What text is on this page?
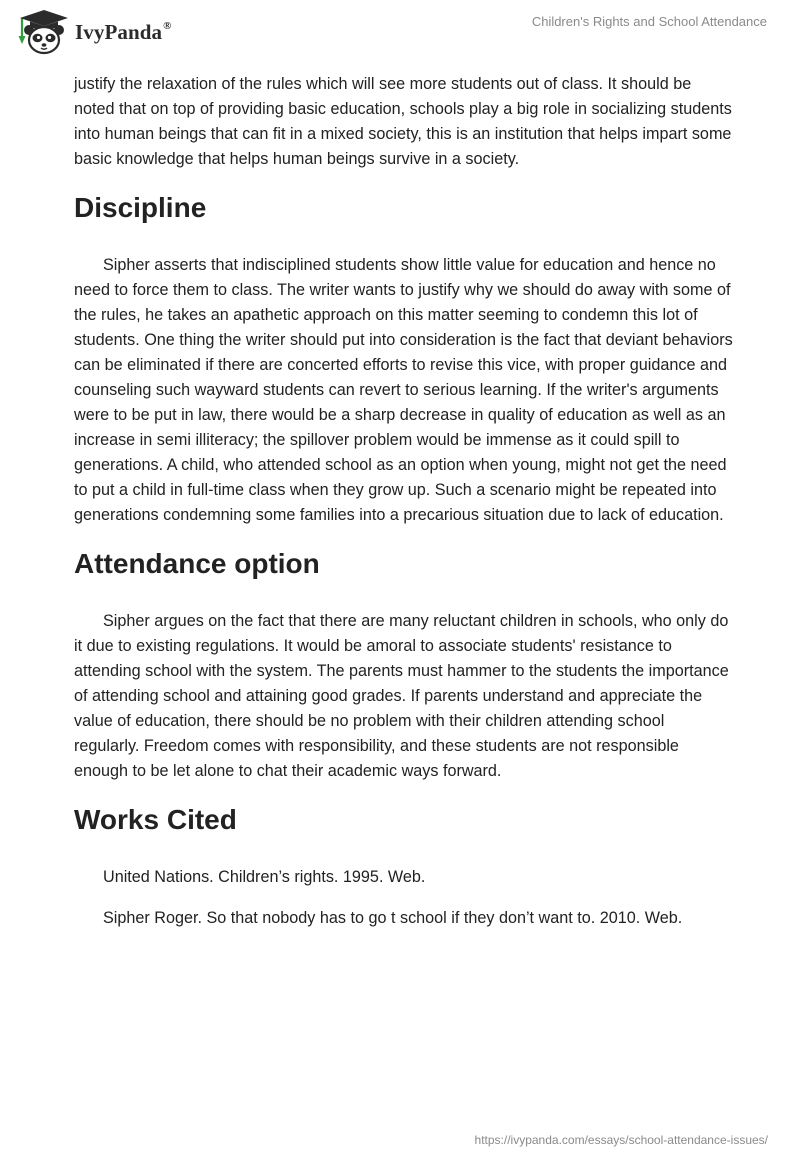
IvyPanda®	Children's Rights and School Attendance

justify the relaxation of the rules which will see more students out of class. It should be noted that on top of providing basic education, schools play a big role in socializing students into human beings that can fit in a mixed society, this is an institution that helps impart some basic knowledge that helps human beings survive in a society.

Discipline

Sipher asserts that indisciplined students show little value for education and hence no need to force them to class. The writer wants to justify why we should do away with some of the rules, he takes an apathetic approach on this matter seeming to condemn this lot of students. One thing the writer should put into consideration is the fact that deviant behaviors can be eliminated if there are concerted efforts to revise this vice, with proper guidance and counseling such wayward students can revert to serious learning. If the writer's arguments were to be put in law, there would be a sharp decrease in quality of education as well as an increase in semi illiteracy; the spillover problem would be immense as it could spill to generations. A child, who attended school as an option when young, might not get the need to put a child in full-time class when they grow up. Such a scenario might be repeated into generations condemning some families into a precarious situation due to lack of education.

Attendance option

Sipher argues on the fact that there are many reluctant children in schools, who only do it due to existing regulations. It would be amoral to associate students' resistance to attending school with the system. The parents must hammer to the students the importance of attending school and attaining good grades. If parents understand and appreciate the value of education, there should be no problem with their children attending school regularly. Freedom comes with responsibility, and these students are not responsible enough to be let alone to chat their academic ways forward.

Works Cited

United Nations. Children’s rights. 1995. Web.

Sipher Roger. So that nobody has to go t school if they don’t want to. 2010. Web.

https://ivypanda.com/essays/school-attendance-issues/
